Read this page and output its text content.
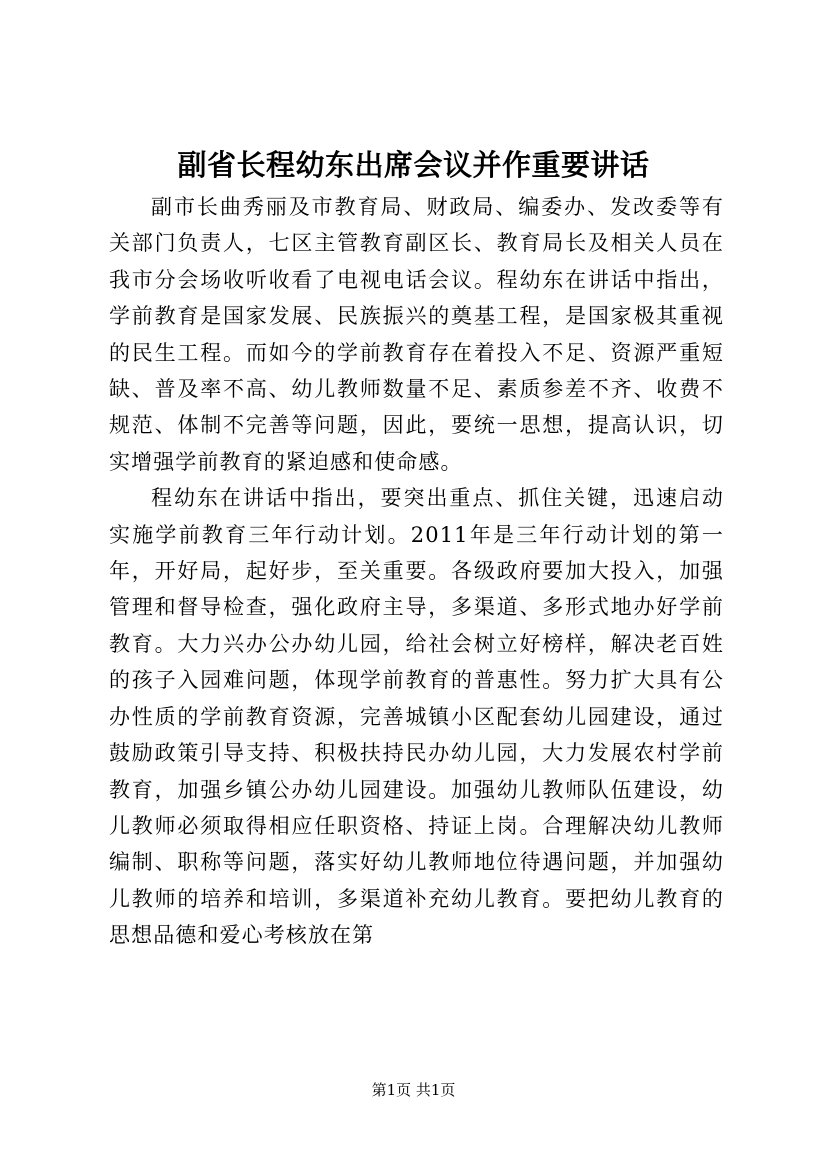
副省长程幼东出席会议并作重要讲话

副市长曲秀丽及市教育局、财政局、编委办、发改委等有关部门负责人，七区主管教育副区长、教育局长及相关人员在我市分会场收听收看了电视电话会议。程幼东在讲话中指出，学前教育是国家发展、民族振兴的奠基工程，是国家极其重视的民生工程。而如今的学前教育存在着投入不足、资源严重短缺、普及率不高、幼儿教师数量不足、素质参差不齐、收费不规范、体制不完善等问题，因此，要统一思想，提高认识，切实增强学前教育的紧迫感和使命感。

程幼东在讲话中指出，要突出重点、抓住关键，迅速启动实施学前教育三年行动计划。2011年是三年行动计划的第一年，开好局，起好步，至关重要。各级政府要加大投入，加强管理和督导检查，强化政府主导，多渠道、多形式地办好学前教育。大力兴办公办幼儿园，给社会树立好榜样，解决老百姓的孩子入园难问题，体现学前教育的普惠性。努力扩大具有公办性质的学前教育资源，完善城镇小区配套幼儿园建设，通过鼓励政策引导支持、积极扶持民办幼儿园，大力发展农村学前教育，加强乡镇公办幼儿园建设。加强幼儿教师队伍建设，幼儿教师必须取得相应任职资格、持证上岗。合理解决幼儿教师编制、职称等问题，落实好幼儿教师地位待遇问题，并加强幼儿教师的培养和培训，多渠道补充幼儿教育。要把幼儿教育的思想品德和爱心考核放在第

第1页 共1页
